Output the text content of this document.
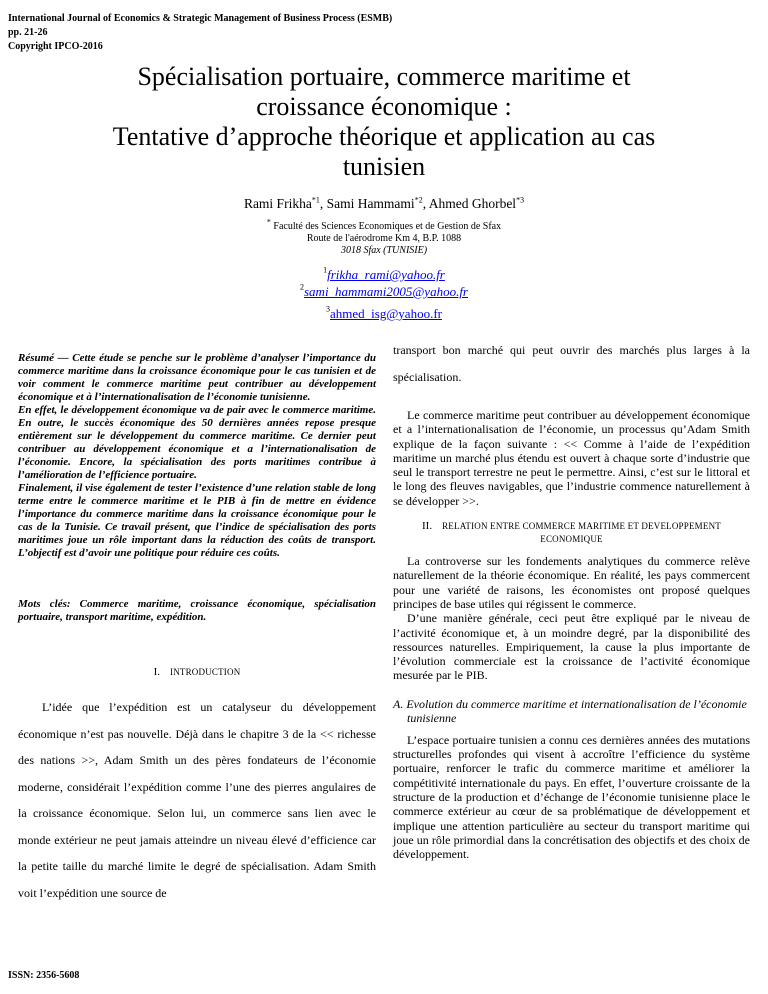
International Journal of Economics & Strategic Management of Business Process (ESMB)
pp. 21-26
Copyright IPCO-2016
Spécialisation portuaire, commerce maritime et
croissance économique :
Tentative d’approche théorique et application au cas
tunisien
Rami Frikha$^{*1}$, Sami Hammami$^{*2}$, Ahmed Ghorbel$^{*3}$
* Faculté des Sciences Economiques et de Gestion de Sfax
Route de l'aérodrome Km 4, B.P. 1088
3018 Sfax (TUNISIE)
$^1$frikha_rami@yahoo.fr
$^2$sami_hammami2005@yahoo.fr
$^3$ahmed_isg@yahoo.fr

Résumé — Cette étude se penche sur le problème d’analyser l’importance du commerce maritime dans la croissance économique pour le cas tunisien et de voir comment le commerce maritime peut contribuer au développement économique et à l’internationalisation de l’économie tunisienne.

En effet, le développement économique va de pair avec le commerce maritime. En outre, le succès économique des 50 dernières années repose presque entièrement sur le développement du commerce maritime. Ce dernier peut contribuer au développement économique et a l’internationalisation de l’économie. Encore, la spécialisation des ports maritimes contribue à l’amélioration de l’efficience portuaire.

Finalement, il vise également de tester l’existence d’une relation stable de long terme entre le commerce maritime et le PIB à fin de mettre en évidence l’importance du commerce maritime dans la croissance économique pour le cas de la Tunisie. Ce travail présent, que l’indice de spécialisation des ports maritimes joue un rôle important dans la réduction des coûts de transport. L’objectif est d’avoir une politique pour réduire ces coûts.

Mots clés: Commerce maritime, croissance économique, spécialisation portuaire, transport maritime, expédition.

I. INTRODUCTION

L’idée que l’expédition est un catalyseur du développement économique n’est pas nouvelle. Déjà dans le chapitre 3 de la << richesse des nations >>, Adam Smith un des pères fondateurs de l’économie moderne, considérait l’expédition comme l’une des pierres angulaires de la croissance économique. Selon lui, un commerce sans lien avec le monde extérieur ne peut jamais atteindre un niveau élevé d’efficience car la petite taille du marché limite le degré de spécialisation. Adam Smith voit l’expédition une source de

transport bon marché qui peut ouvrir des marchés plus larges à la spécialisation.

Le commerce maritime peut contribuer au développement économique et a l’internationalisation de l’économie, un processus qu’Adam Smith explique de la façon suivante : << Comme à l’aide de l’expédition maritime un marché plus étendu est ouvert à chaque sorte d’industrie que seul le transport terrestre ne peut le permettre. Ainsi, c’est sur le littoral et le long des fleuves navigables, que l’industrie commence naturellement à se développer >>.

II. RELATION ENTRE COMMERCE MARITIME ET DEVELOPPEMENT
ECONOMIQUE

La controverse sur les fondements analytiques du commerce relève naturellement de la théorie économique. En réalité, les pays commercent pour une variété de raisons, les économistes ont proposé quelques principes de base utiles qui régissent le commerce.

D’une manière générale, ceci peut être expliqué par le niveau de l’activité économique et, à un moindre degré, par la disponibilité des ressources naturelles. Empiriquement, la cause la plus importante de l’évolution commerciale est la croissance de l’activité économique mesurée par le PIB.

A. Evolution du commerce maritime et internationalisation de l’économie tunisienne

L’espace portuaire tunisien a connu ces dernières années des mutations structurelles profondes qui visent à accroître l’efficience du système portuaire, renforcer le trafic du commerce maritime et améliorer la compétitivité internationale du pays. En effet, l’ouverture croissante de la structure de la production et d’échange de l’économie tunisienne place le commerce extérieur au cœur de sa problématique de développement et implique une attention particulière au secteur du transport maritime qui joue un rôle primordial dans la concrétisation des objectifs et des choix de développement.

ISSN: 2356-5608
